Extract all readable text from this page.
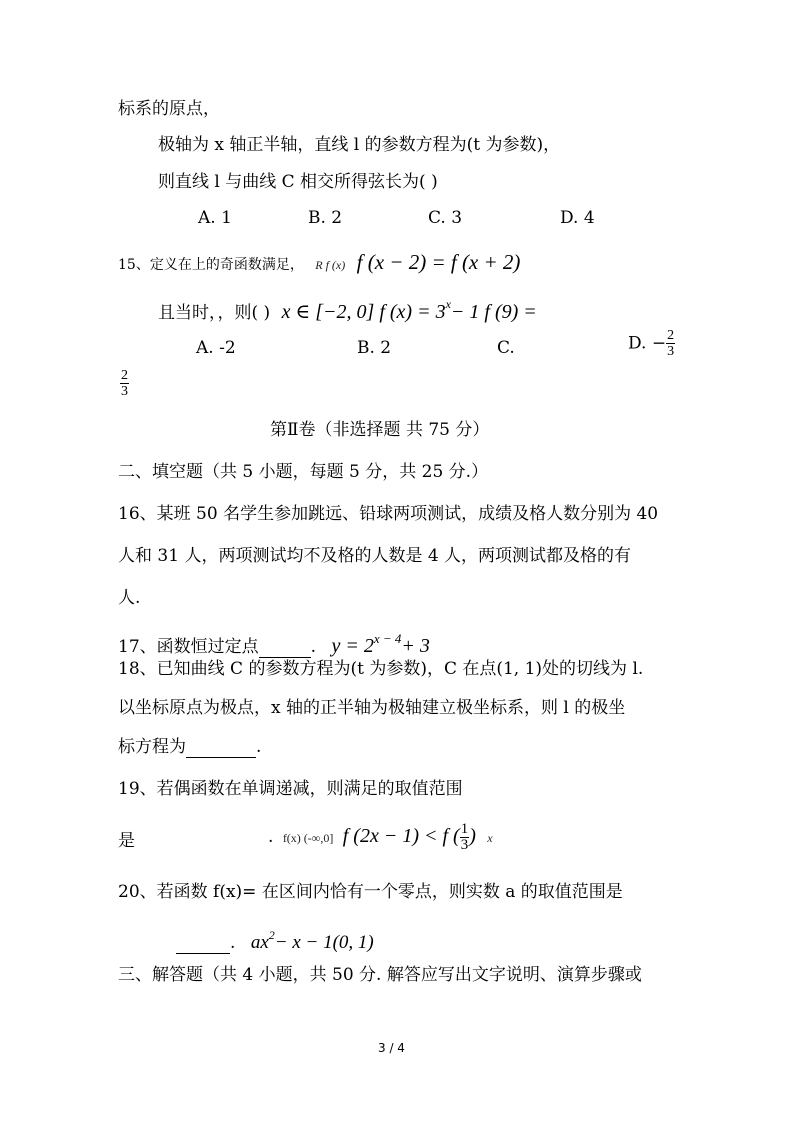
标系的原点，
极轴为 x 轴正半轴，直线 l 的参数方程为(t 为参数)，
则直线 l 与曲线 C 相交所得弦长为( )
A. 1	B. 2	C. 3	D. 4
15、定义在上的奇函数满足， R f (x) f (x − 2) = f (x + 2)
且当时，，则( ) x ∈ [−2, 0] f $(x) = 3^x- 1$ f (9) =
A. -2	B. 2	C.	D. − $\frac{2}{3}$
$\frac{2}{3}$
第Ⅱ卷（非选择题 共 75 分）
二、填空题（共 5 小题，每题 5 分，共 25 分.）
16、某班 50 名学生参加跳远、铅球两项测试，成绩及格人数分别为 40
人和 31 人，两项测试均不及格的人数是 4 人，两项测试都及格的有
人.
17、函数恒过定点	. $y = 2^{x - 4}+ 3$
18、已知曲线 C 的参数方程为(t 为参数)，C 在点(1, 1)处的切线为 l.
以坐标原点为极点，x 轴的正半轴为极轴建立极坐标系，则 l 的极坐
标方程为	.
19、若偶函数在单调递减，则满足的取值范围
是	. f(x) (-∞,0] f (2x − 1) < f ( $\frac{1}{3}$ ) x
20、若函数 f(x)= 在区间内恰有一个零点，则实数 a 的取值范围是
. $ax^2- x - 1(0$, 1)
三、解答题（共 4 小题，共 50 分. 解答应写出文字说明、演算步骤或
3 / 4
